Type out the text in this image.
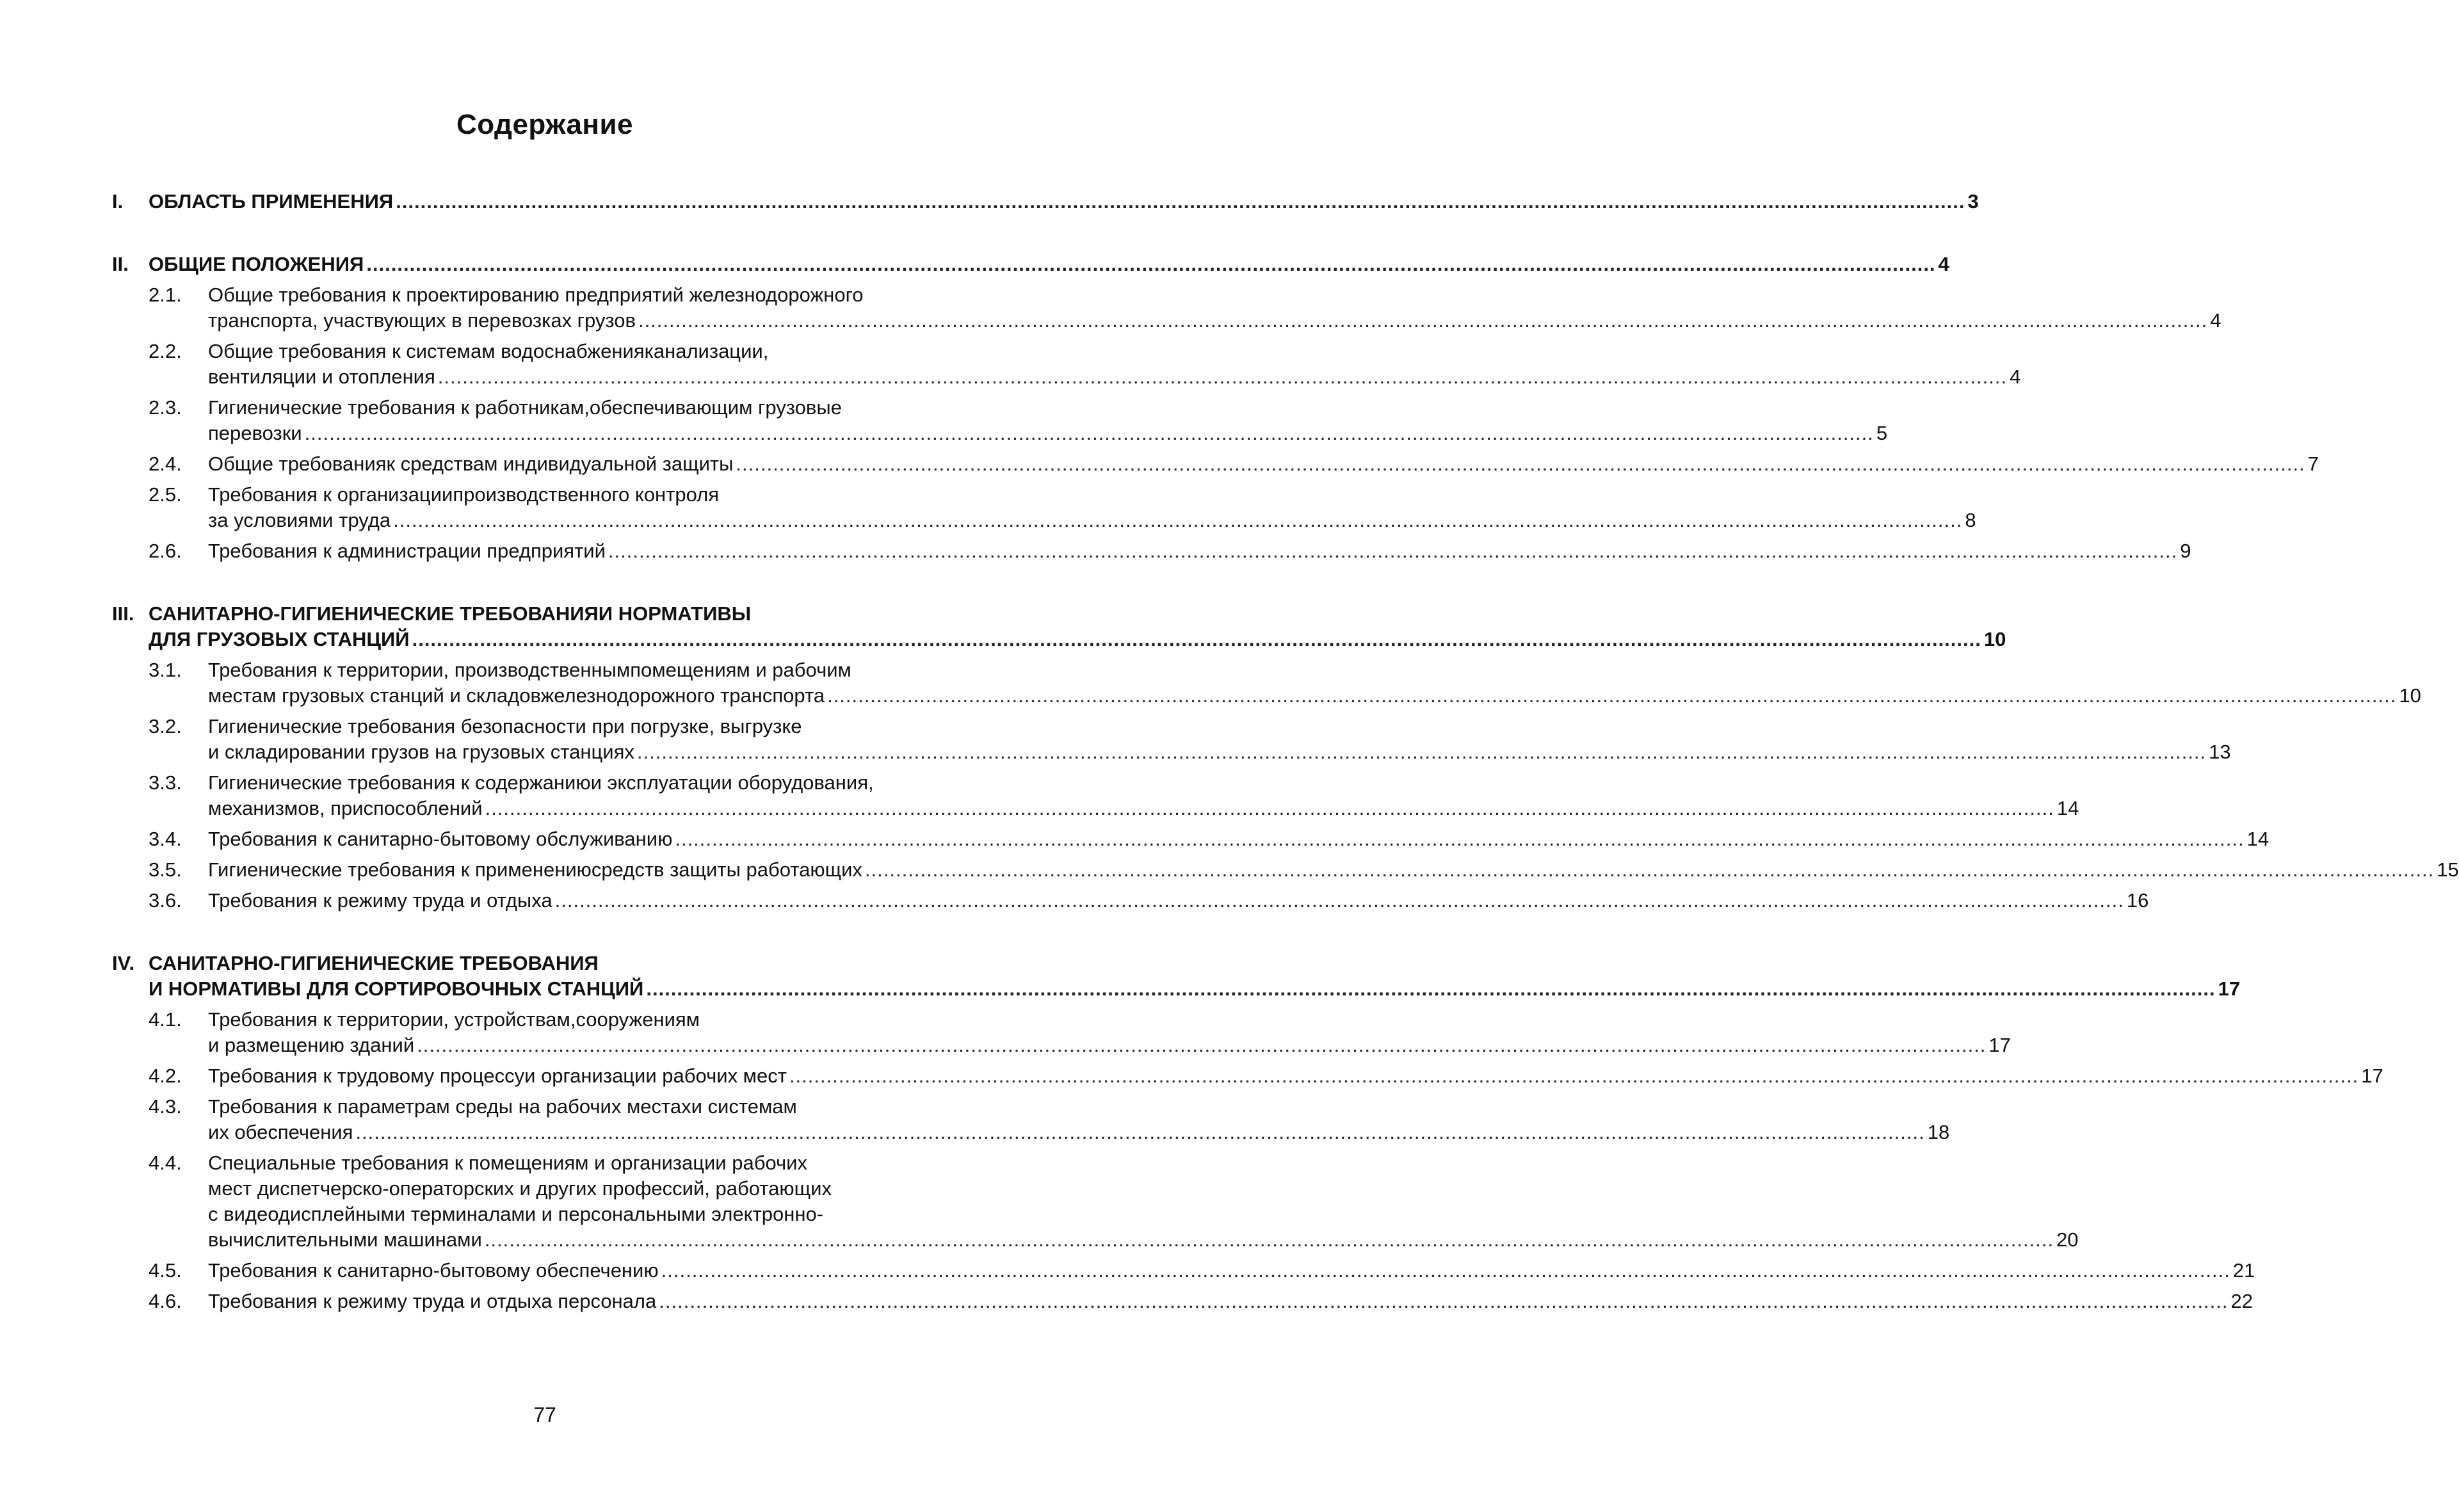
Содержание
I. ОБЛАСТЬ ПРИМЕНЕНИЯ ............................................................................................................................................................................................................................................................... 3
II. ОБЩИЕ ПОЛОЖЕНИЯ ............................................................................................................................................................................................................................................................... 4
2.1. Общие требования к проектированию предприятий железнодорожного
транспорта, участвующих в перевозках грузов ............................................................................................................................................................................................................................................................... 4
2.2. Общие требования к системам водоснабженияканализации,
вентиляции и отопления ............................................................................................................................................................................................................................................................... 4
2.3. Гигиенические требования к работникам,обеспечивающим грузовые
перевозки ............................................................................................................................................................................................................................................................... 5
2.4. Общие требованияк средствам индивидуальной защиты ............................................................................................................................................................................................................................................................... 7
2.5. Требования к организациипроизводственного контроля
за условиями труда ............................................................................................................................................................................................................................................................... 8
2.6. Требования к администрации предприятий ............................................................................................................................................................................................................................................................... 9
III. САНИТАРНО-ГИГИЕНИЧЕСКИЕ ТРЕБОВАНИЯИ НОРМАТИВЫ
ДЛЯ ГРУЗОВЫХ СТАНЦИЙ ............................................................................................................................................................................................................................................................... 10
3.1. Требования к территории, производственнымпомещениям и рабочим
местам грузовых станций и складовжелезнодорожного транспорта ............................................................................................................................................................................................................................................................... 10
3.2. Гигиенические требования безопасности при погрузке, выгрузке
и складировании грузов на грузовых станциях ............................................................................................................................................................................................................................................................... 13
3.3. Гигиенические требования к содержаниюи эксплуатации оборудования,
механизмов, приспособлений ............................................................................................................................................................................................................................................................... 14
3.4. Требования к санитарно-бытовому обслуживанию ............................................................................................................................................................................................................................................................... 14
3.5. Гигиенические требования к применениюсредств защиты работающих ............................................................................................................................................................................................................................................................... 15
3.6. Требования к режиму труда и отдыха ............................................................................................................................................................................................................................................................... 16
IV. САНИТАРНО-ГИГИЕНИЧЕСКИЕ ТРЕБОВАНИЯ
И НОРМАТИВЫ ДЛЯ СОРТИРОВОЧНЫХ СТАНЦИЙ ............................................................................................................................................................................................................................................................... 17
4.1. Требования к территории, устройствам,сооружениям
и размещению зданий ............................................................................................................................................................................................................................................................... 17
4.2. Требования к трудовому процессуи организации рабочих мест ............................................................................................................................................................................................................................................................... 17
4.3. Требования к параметрам среды на рабочих местахи системам
их обеспечения ............................................................................................................................................................................................................................................................... 18
4.4. Специальные требования к помещениям и организации рабочих
мест диспетчерско-операторских и других профессий, работающих
с видеодисплейными терминалами и персональными электронно-
вычислительными машинами ............................................................................................................................................................................................................................................................... 20
4.5. Требования к санитарно-бытовому обеспечению ............................................................................................................................................................................................................................................................... 21
4.6. Требования к режиму труда и отдыха персонала ............................................................................................................................................................................................................................................................... 22
77
